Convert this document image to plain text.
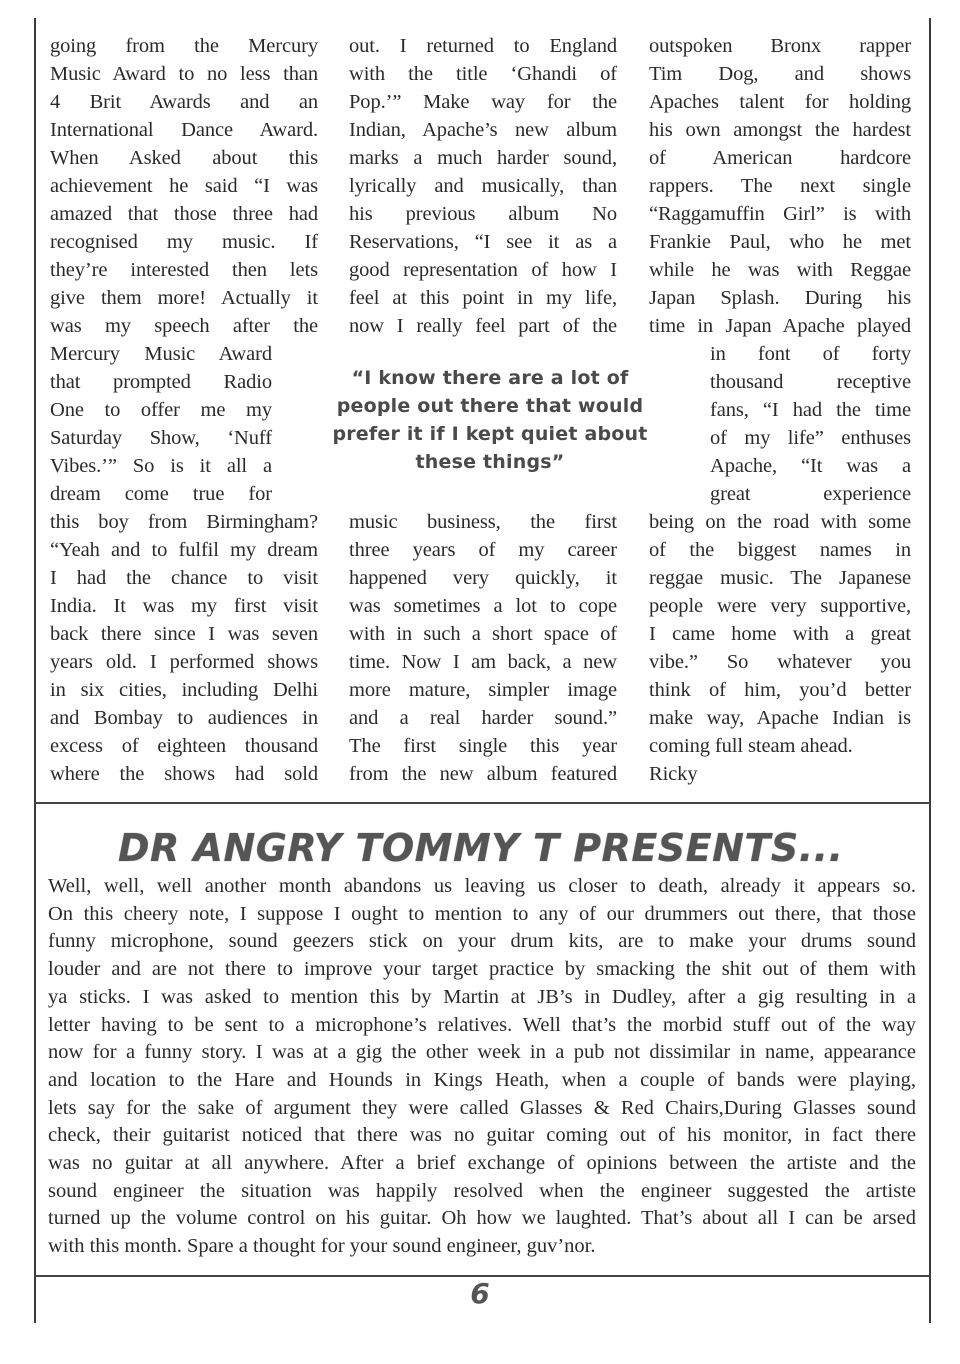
going from the Mercury
Music Award to no less than
4 Brit Awards and an
International Dance Award.
When Asked about this
achievement he said “I was
amazed that those three had
recognised my music. If
they’re interested then lets
give them more! Actually it
was my speech after the
Mercury Music Award
that prompted Radio
One to offer me my
Saturday Show, ‘Nuff
Vibes.’” So is it all a
dream come true for
this boy from Birmingham?
“Yeah and to fulfil my dream
I had the chance to visit
India. It was my first visit
back there since I was seven
years old. I performed shows
in six cities, including Delhi
and Bombay to audiences in
excess of eighteen thousand
where the shows had sold
out. I returned to England
with the title ‘Ghandi of
Pop.’” Make way for the
Indian, Apache’s new album
marks a much harder sound,
lyrically and musically, than
his previous album No
Reservations, “I see it as a
good representation of how I
feel at this point in my life,
now I really feel part of the
music business, the first
three years of my career
happened very quickly, it
was sometimes a lot to cope
with in such a short space of
time. Now I am back, a new
more mature, simpler image
and a real harder sound.”
The first single this year
from the new album featured
outspoken Bronx rapper
Tim Dog, and shows
Apaches talent for holding
his own amongst the hardest
of American hardcore
rappers. The next single
“Raggamuffin Girl” is with
Frankie Paul, who he met
while he was with Reggae
Japan Splash. During his
time in Japan Apache played
in font of forty
thousand receptive
fans, “I had the time
of my life” enthuses
Apache, “It was a
great experience
being on the road with some
of the biggest names in
reggae music. The Japanese
people were very supportive,
I came home with a great
vibe.” So whatever you
think of him, you’d better
make way, Apache Indian is
coming full steam ahead.
Ricky
“I know there are a lot of
people out there that would
prefer it if I kept quiet about
these things”
DR ANGRY TOMMY T PRESENTS...
Well, well, well another month abandons us leaving us closer to death, already it appears so.
On this cheery note, I suppose I ought to mention to any of our drummers out there, that those
funny microphone, sound geezers stick on your drum kits, are to make your drums sound
louder and are not there to improve your target practice by smacking the shit out of them with
ya sticks. I was asked to mention this by Martin at JB’s in Dudley, after a gig resulting in a
letter having to be sent to a microphone’s relatives. Well that’s the morbid stuff out of the way
now for a funny story. I was at a gig the other week in a pub not dissimilar in name, appearance
and location to the Hare and Hounds in Kings Heath, when a couple of bands were playing,
lets say for the sake of argument they were called Glasses & Red Chairs,During Glasses sound
check, their guitarist noticed that there was no guitar coming out of his monitor, in fact there
was no guitar at all anywhere. After a brief exchange of opinions between the artiste and the
sound engineer the situation was happily resolved when the engineer suggested the artiste
turned up the volume control on his guitar. Oh how we laughted. That’s about all I can be arsed
with this month. Spare a thought for your sound engineer, guv’nor.
6
